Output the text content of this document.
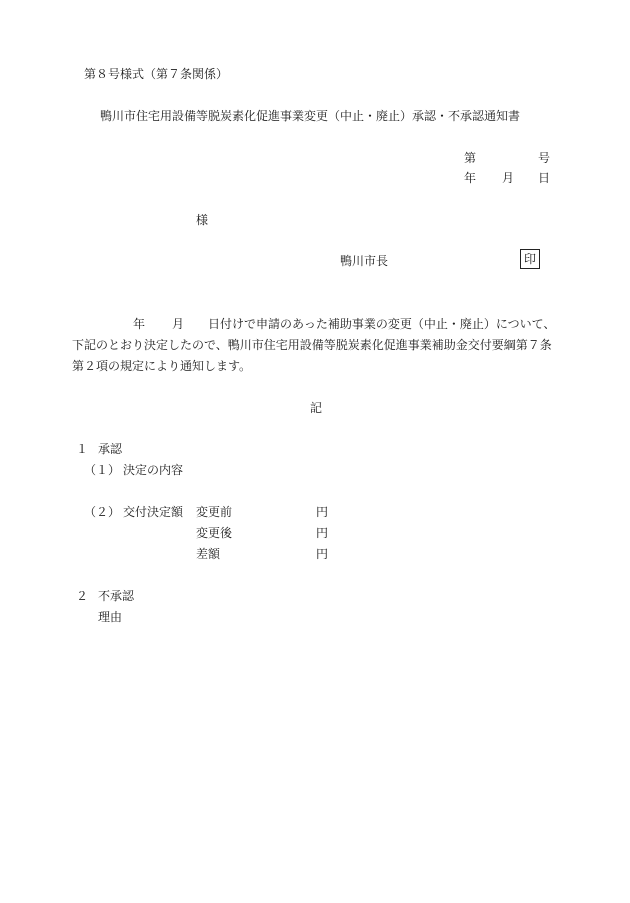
第８号様式（第７条関係）
鴨川市住宅用設備等脱炭素化促進事業変更（中止・廃止）承認・不承認通知書
第	号
年 月 日
様
鴨川市長	印
年 月 日付けで申請のあった補助事業の変更（中止・廃止）について、
下記のとおり決定したので、鴨川市住宅用設備等脱炭素化促進事業補助金交付要綱第７条
第２項の規定により通知します。
記
１ 承認
（１） 決定の内容
（２） 交付決定額 変更前	円
変更後	円
差額	円
２ 不承認
理由
